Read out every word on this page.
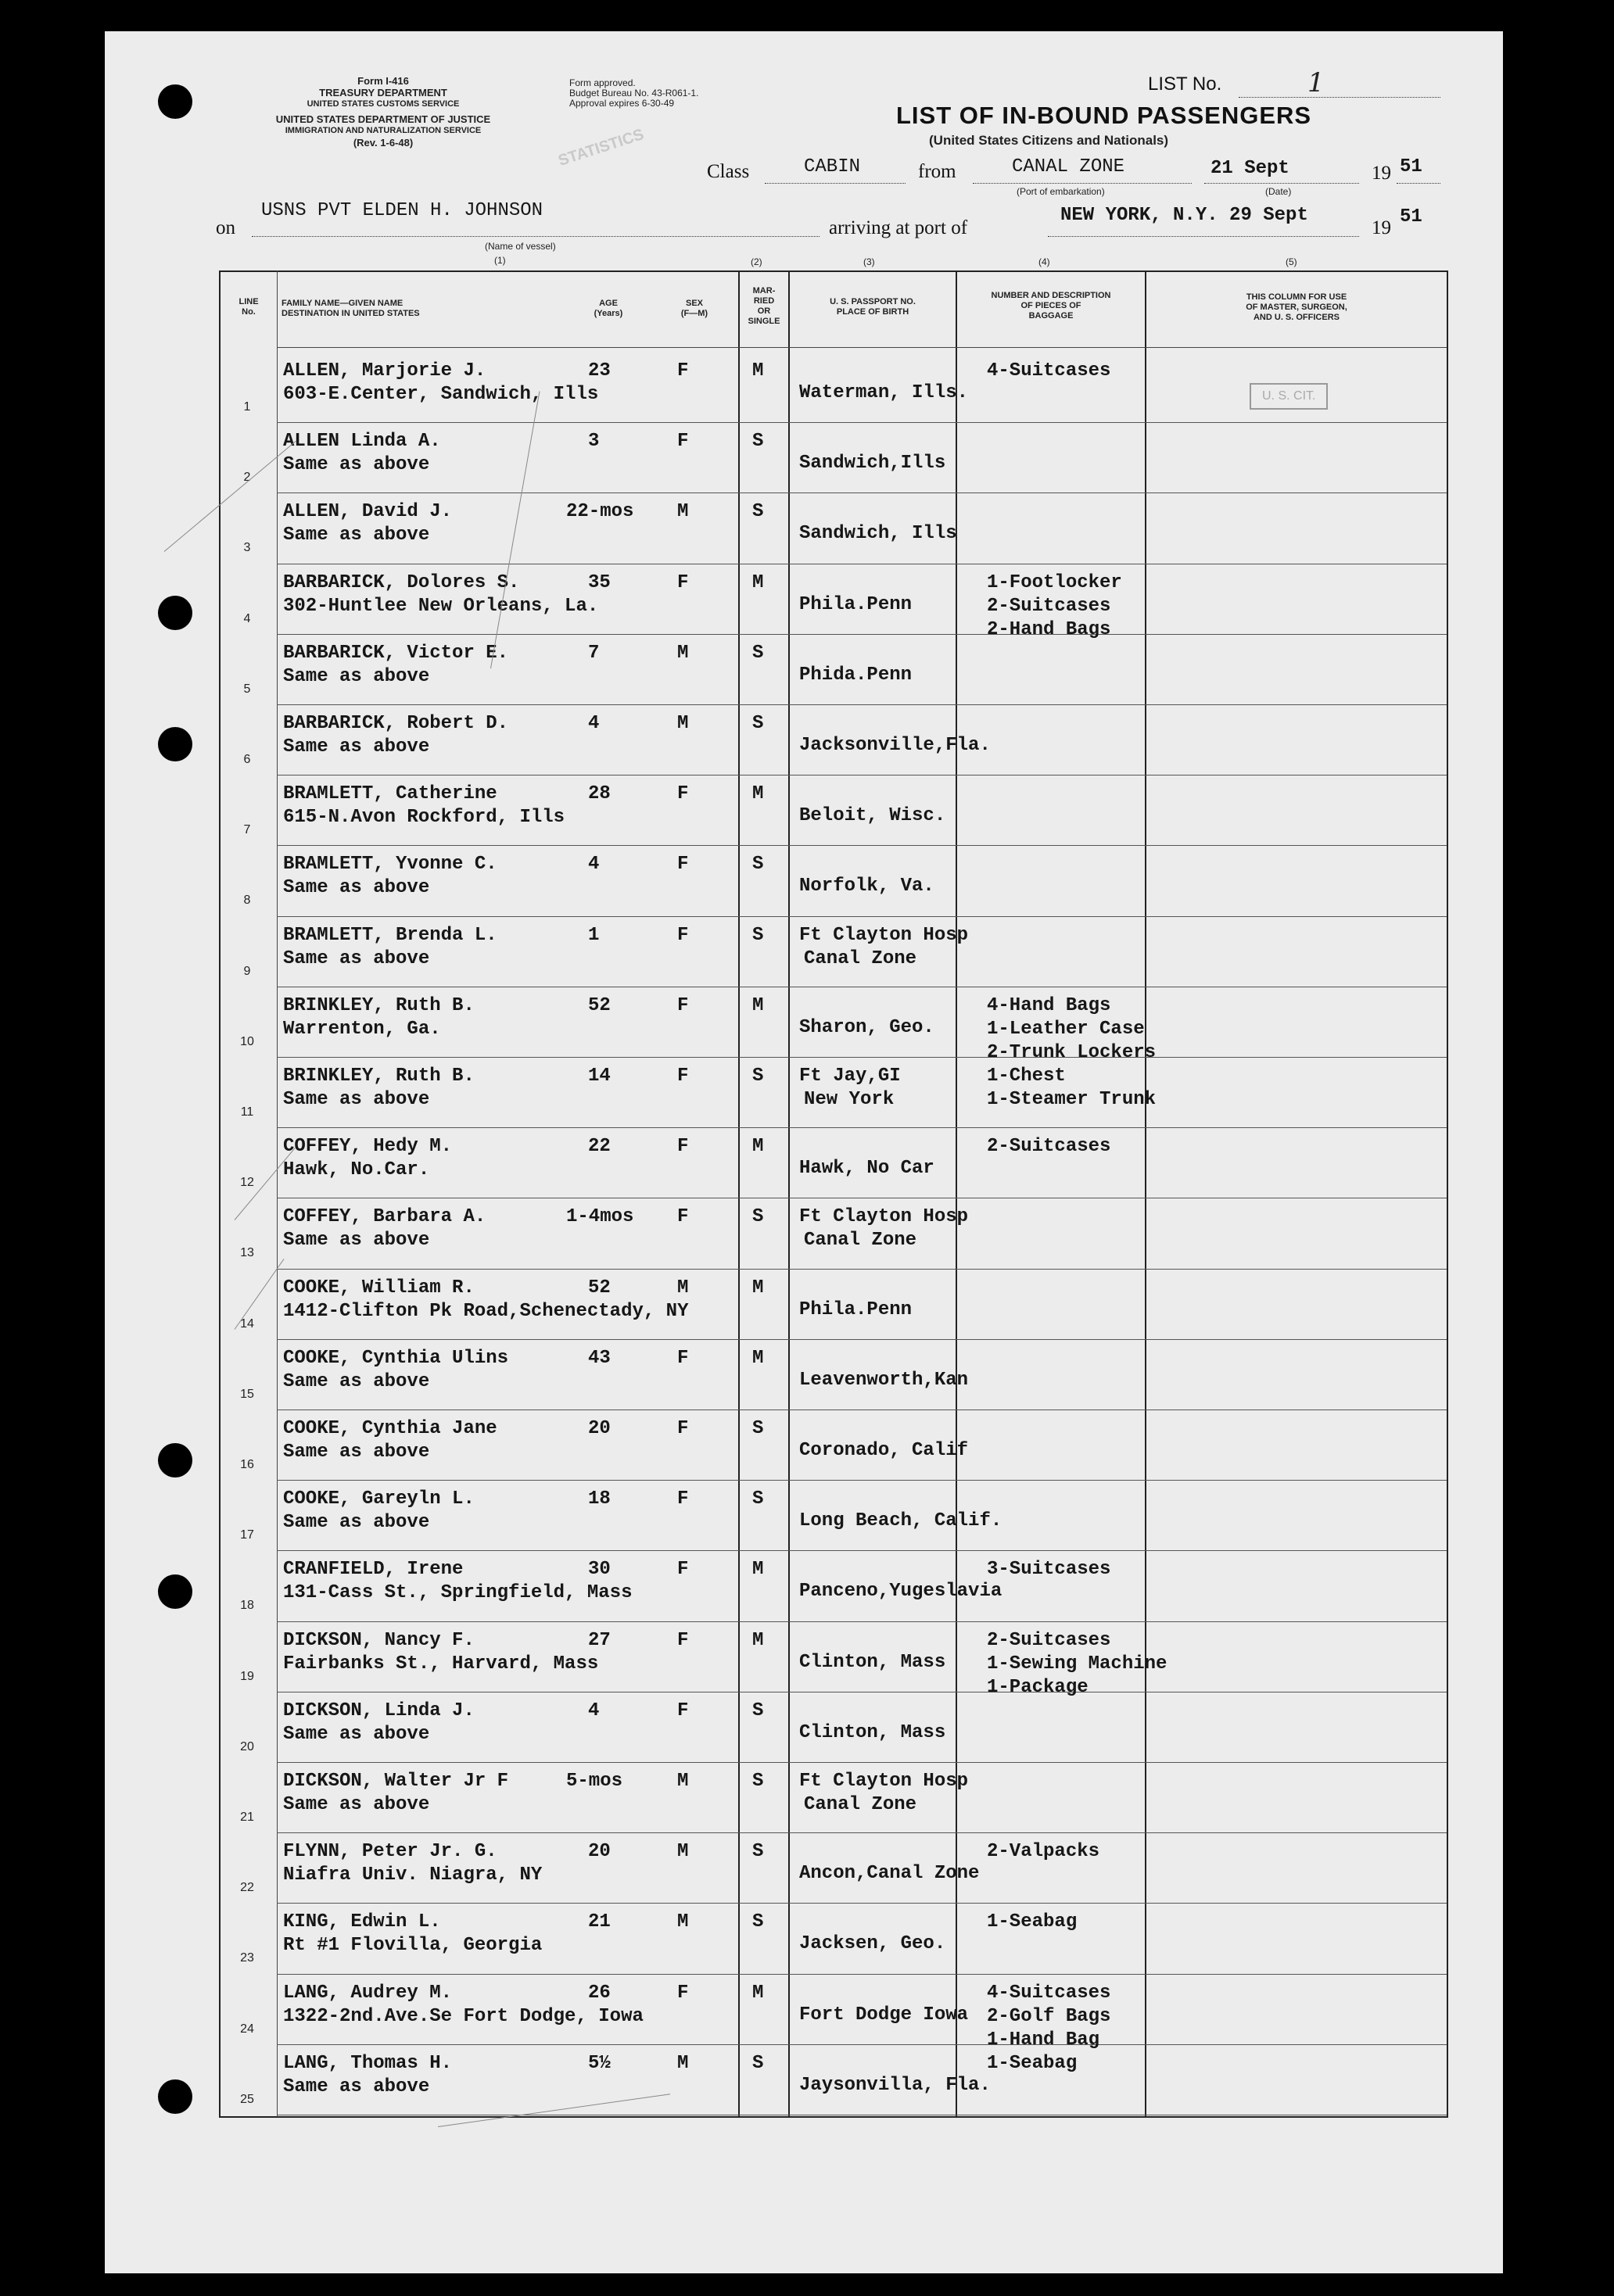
Form I-416
TREASURY DEPARTMENT
UNITED STATES CUSTOMS SERVICE
UNITED STATES DEPARTMENT OF JUSTICE
IMMIGRATION AND NATURALIZATION SERVICE
(Rev. 1-6-48)
Form approved.
Budget Bureau No. 43-R061-1.
Approval expires 6-30-49
STATISTICS
LIST No.	1
LIST OF IN-BOUND PASSENGERS
(United States Citizens and Nationals)
Class	CABIN	from	CANAL ZONE
(Port of embarkation)
21 Sept
(Date)
19 51
on
USNS PVT ELDEN H. JOHNSON
(Name of vessel)
(1)
arriving at port of
NEW YORK, N.Y. 29 Sept
19
51
(2)	(3)	(4)	(5)
LINE
No.
FAMILY NAME—GIVEN NAME
DESTINATION IN UNITED STATES
AGE
(Years)
SEX
(F—M)
MAR-
RIED
OR
SINGLE
U. S. PASSPORT NO.
PLACE OF BIRTH
NUMBER AND DESCRIPTION
OF PIECES OF
BAGGAGE
THIS COLUMN FOR USE
OF MASTER, SURGEON,
AND U. S. OFFICERS
1
ALLEN, Marjorie J.
603-E.Center, Sandwich, Ills
23	F	M
Waterman, Ills.
4-Suitcases
2
ALLEN Linda A.
Same as above
3	F	S
Sandwich,Ills
3
ALLEN, David J.
Same as above
22-mos M	S
Sandwich, Ills
4
BARBARICK, Dolores S.
302-Huntlee New Orleans, La.
35	F	M
Phila.Penn
1-Footlocker
2-Suitcases
2-Hand Bags
5
BARBARICK, Victor E.
Same as above
7	M	S
Phida.Penn
6
BARBARICK, Robert D.
Same as above
4	M	S
Jacksonville,Fla.
7
BRAMLETT, Catherine
615-N.Avon Rockford, Ills
28	F	M
Beloit, Wisc.
8
BRAMLETT, Yvonne C.
Same as above
4	F	S
Norfolk, Va.
9
BRAMLETT, Brenda L.
Same as above
1	F	S Ft Clayton Hosp
Canal Zone
10
BRINKLEY, Ruth B.
Warrenton, Ga.
52	F	M
Sharon, Geo.
4-Hand Bags
1-Leather Case
2-Trunk Lockers
11
BRINKLEY, Ruth B.
Same as above
14	F	S Ft Jay,GI
New York
1-Chest
1-Steamer Trunk
12
COFFEY, Hedy M.
Hawk, No.Car.
22	F	M
Hawk, No Car
2-Suitcases
13
COFFEY, Barbara A.
Same as above
1-4mos F	S Ft Clayton Hosp
Canal Zone
14
COOKE, William R.
1412-Clifton Pk Road,Schenectady, NY
52	M	M
Phila.Penn
15
COOKE, Cynthia Ulins
Same as above
43	F	M
Leavenworth,Kan
16
COOKE, Cynthia Jane
Same as above
20	F	S
Coronado, Calif
17
COOKE, Gareyln L.
Same as above
18	F	S
Long Beach, Calif.
18
CRANFIELD, Irene
131-Cass St., Springfield, Mass
30	F	M
Panceno,Yugeslavia
3-Suitcases
19
DICKSON, Nancy F.
Fairbanks St., Harvard, Mass
27	F	M
Clinton, Mass
2-Suitcases
1-Sewing Machine
1-Package
20
DICKSON, Linda J.
Same as above
4	F	S
Clinton, Mass
21
DICKSON, Walter Jr F
Same as above
5-mos	M	S Ft Clayton Hosp
Canal Zone
22
FLYNN, Peter Jr. G.
Niafra Univ. Niagra, NY
20	M	S
Ancon,Canal Zone
2-Valpacks
23
KING, Edwin L.
Rt #1 Flovilla, Georgia
21	M	S
Jacksen, Geo.
1-Seabag
24
LANG, Audrey M.
1322-2nd.Ave.Se Fort Dodge, Iowa
26	F	M
Fort Dodge Iowa
4-Suitcases
2-Golf Bags
1-Hand Bag
25
LANG, Thomas H.
Same as above
5½	M	S
Jaysonvilla, Fla.
1-Seabag
U. S. CIT.
